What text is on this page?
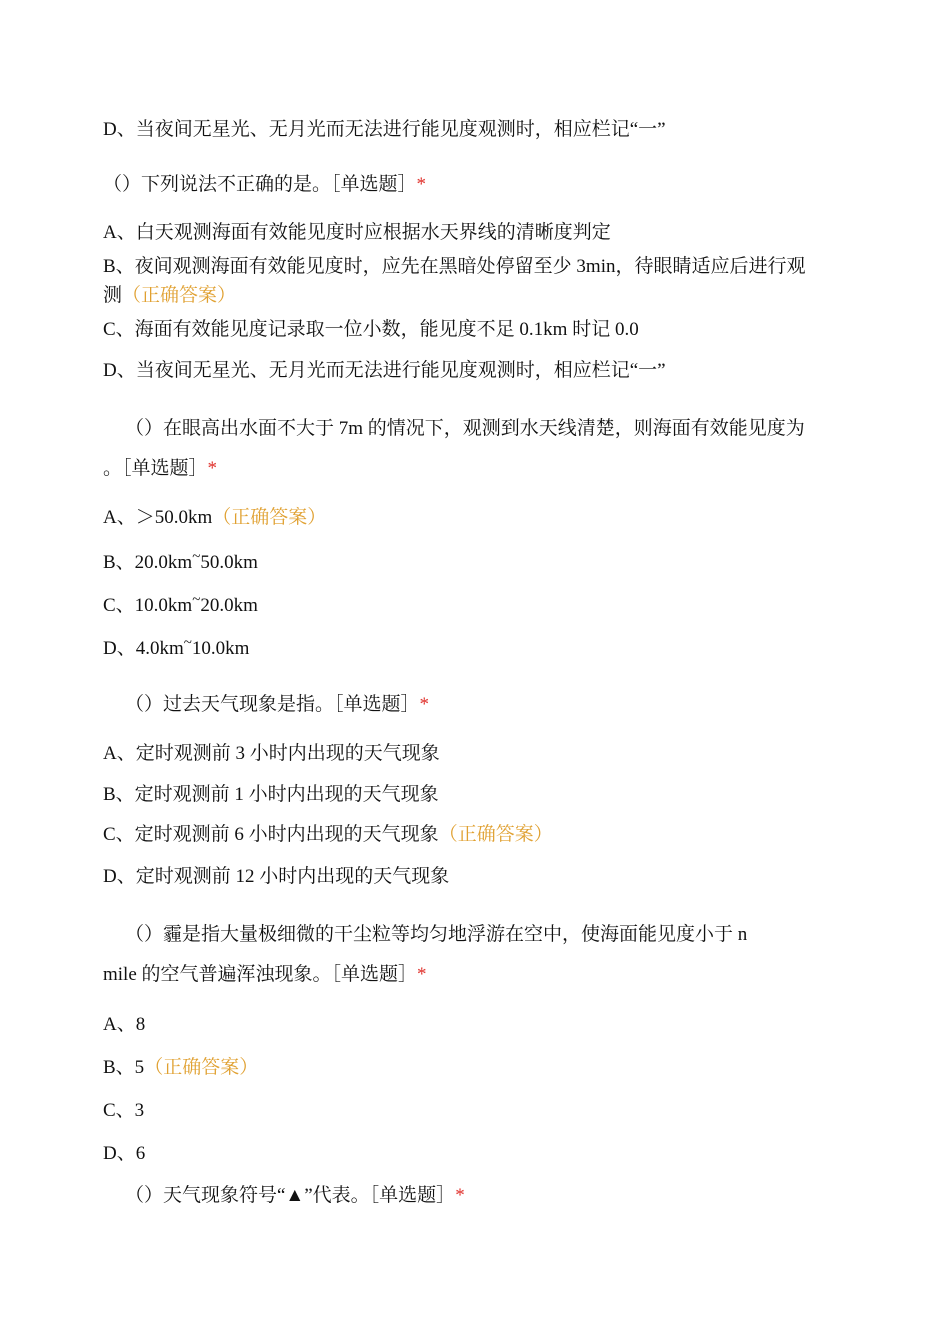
D、当夜间无星光、无月光而无法进行能见度观测时，相应栏记“一”
（）下列说法不正确的是。［单选题］*
A、白天观测海面有效能见度时应根据水天界线的清晰度判定
B、夜间观测海面有效能见度时，应先在黑暗处停留至少 3min，待眼睛适应后进行观
测（正确答案）
C、海面有效能见度记录取一位小数，能见度不足 0.1km 时记 0.0
D、当夜间无星光、无月光而无法进行能见度观测时，相应栏记“一”
（）在眼高出水面不大于 7m 的情况下，观测到水天线清楚，则海面有效能见度为
。［单选题］*
A、＞50.0km（正确答案）
B、20.0km~50.0km
C、10.0km~20.0km
D、4.0km~10.0km
（）过去天气现象是指。［单选题］*
A、定时观测前 3 小时内出现的天气现象
B、定时观测前 1 小时内出现的天气现象
C、定时观测前 6 小时内出现的天气现象（正确答案）
D、定时观测前 12 小时内出现的天气现象
（）霾是指大量极细微的干尘粒等均匀地浮游在空中，使海面能见度小于 n
mile 的空气普遍浑浊现象。［单选题］*
A、8
B、5（正确答案）
C、3
D、6
（）天气现象符号“▲”代表。［单选题］*
